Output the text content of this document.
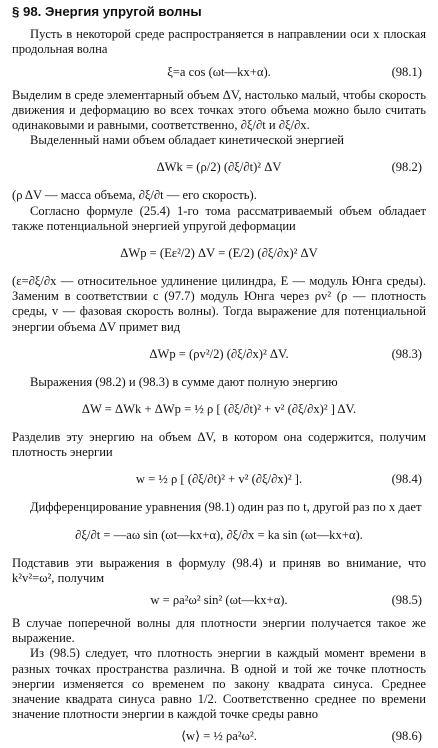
§ 98. Энергия упругой волны
Пусть в некоторой среде распространяется в направлении оси x плоская продольная волна
ξ=a cos (ωt—kx+α).	(98.1)
Выделим в среде элементарный объем ΔV, настолько малый, чтобы скорость движения и деформацию во всех точках этого объема можно было считать одинаковыми и равными, соответственно, ∂ξ/∂t и ∂ξ/∂x.
Выделенный нами объем обладает кинетической энергией
ΔWk = (ρ/2) (∂ξ/∂t)² ΔV	(98.2)
(ρ ΔV — масса объема, ∂ξ/∂t — его скорость).
Согласно формуле (25.4) 1-го тома рассматриваемый объем обладает также потенциальной энергией упругой деформации
ΔWp = (Eε²/2) ΔV = (E/2) (∂ξ/∂x)² ΔV
(ε=∂ξ/∂x — относительное удлинение цилиндра, E — модуль Юнга среды). Заменим в соответствии с (97.7) модуль Юнга через ρv² (ρ — плотность среды, v — фазовая скорость волны). Тогда выражение для потенциальной энергии объема ΔV примет вид
ΔWp = (ρv²/2) (∂ξ/∂x)² ΔV.	(98.3)
Выражения (98.2) и (98.3) в сумме дают полную энергию
ΔW = ΔWk + ΔWp = ½ ρ [ (∂ξ/∂t)² + v² (∂ξ/∂x)² ] ΔV.
Разделив эту энергию на объем ΔV, в котором она содержится, получим плотность энергии
w = ½ ρ [ (∂ξ/∂t)² + v² (∂ξ/∂x)² ].	(98.4)
Дифференцирование уравнения (98.1) один раз по t, другой раз по x дает
∂ξ/∂t = —aω sin (ωt—kx+α), ∂ξ/∂x = ka sin (ωt—kx+α).
Подставив эти выражения в формулу (98.4) и приняв во внимание, что k²v²=ω², получим
w = ρa²ω² sin² (ωt—kx+α).	(98.5)
В случае поперечной волны для плотности энергии получается такое же выражение.
Из (98.5) следует, что плотность энергии в каждый момент времени в разных точках пространства различна. В одной и той же точке плотность энергии изменяется со временем по закону квадрата синуса. Среднее значение квадрата синуса равно 1/2. Соответственно среднее по времени значение плотности энергии в каждой точке среды равно
⟨w⟩ = ½ ρa²ω².	(98.6)
